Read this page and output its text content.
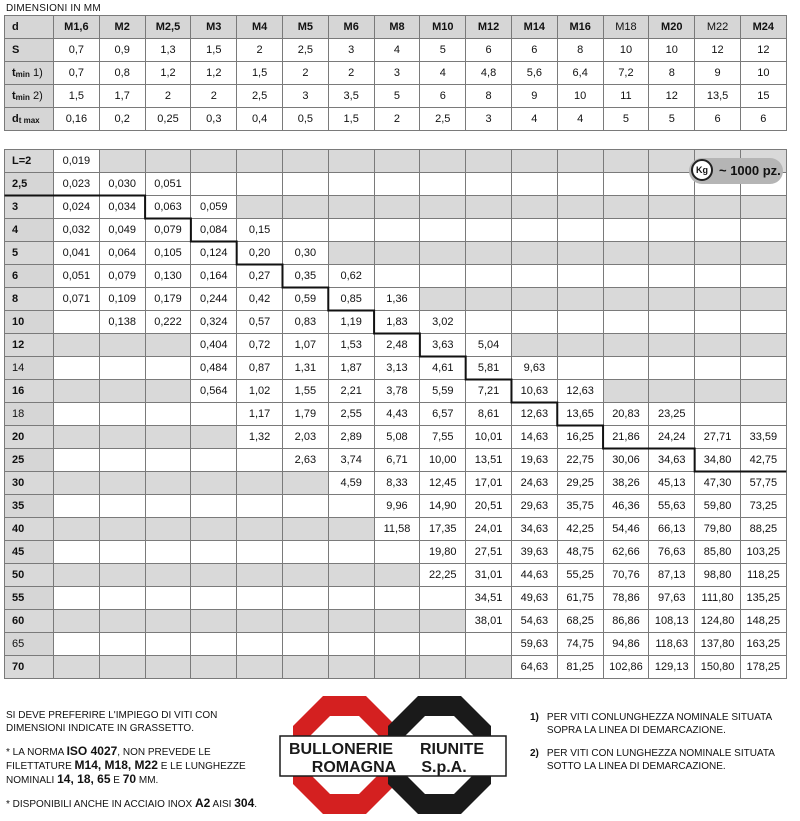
DIMENSIONI IN MM
d	M1,6	M2	M2,5	M3	M4	M5	M6	M8	M10	M12	M14	M16	M18	M20	M22	M24
S	0,7	0,9	1,3	1,5	2	2,5	3	4	5	6	6	8	10	10	12	12
$t_{min}$ 1)	0,7	0,8	1,2	1,2	1,5	2	2	3	4	4,8	5,6	6,4	7,2	8	9	10
$t_{min}$ 2)	1,5	1,7	2	2	2,5	3	3,5	5	6	8	9	10	11	12	13,5	15
$d_{t max}$	0,16	0,2	0,25	0,3	0,4	0,5	1,5	2	2,5	3	4	4	5	5	6	6
L=2	0,019															
2,5	0,023	0,030	0,051													
3	0,024	0,034	0,063	0,059												
4	0,032	0,049	0,079	0,084	0,15											
5	0,041	0,064	0,105	0,124	0,20	0,30										
6	0,051	0,079	0,130	0,164	0,27	0,35	0,62									
8	0,071	0,109	0,179	0,244	0,42	0,59	0,85	1,36								
10		0,138	0,222	0,324	0,57	0,83	1,19	1,83	3,02							
12				0,404	0,72	1,07	1,53	2,48	3,63	5,04						
14				0,484	0,87	1,31	1,87	3,13	4,61	5,81	9,63					
16				0,564	1,02	1,55	2,21	3,78	5,59	7,21	10,63	12,63				
18					1,17	1,79	2,55	4,43	6,57	8,61	12,63	13,65	20,83	23,25		
20					1,32	2,03	2,89	5,08	7,55	10,01	14,63	16,25	21,86	24,24	27,71	33,59
25						2,63	3,74	6,71	10,00	13,51	19,63	22,75	30,06	34,63	34,80	42,75
30							4,59	8,33	12,45	17,01	24,63	29,25	38,26	45,13	47,30	57,75
35								9,96	14,90	20,51	29,63	35,75	46,36	55,63	59,80	73,25
40								11,58	17,35	24,01	34,63	42,25	54,46	66,13	79,80	88,25
45									19,80	27,51	39,63	48,75	62,66	76,63	85,80	103,25
50									22,25	31,01	44,63	55,25	70,76	87,13	98,80	118,25
55										34,51	49,63	61,75	78,86	97,63	111,80	135,25
60										38,01	54,63	68,25	86,86	108,13	124,80	148,25
65											59,63	74,75	94,86	118,63	137,80	163,25
70											64,63	81,25	102,86	129,13	150,80	178,25
Kg ~ 1000 pz.

SI DEVE PREFERIRE L'IMPIEGO DI VITI CON DIMENSIONI INDICATE IN GRASSETTO.

* LA NORMA ISO 4027, NON PREVEDE LE FILETTATURE M14, M18, M22 E LE LUNGHEZZE NOMINALI 14, 18, 65 E 70 MM.

* DISPONIBILI ANCHE IN ACCIAIO INOX A2 AISI 304.

BULLONERIE RIUNITE
ROMAGNA S.p.A.

1) PER VITI CONLUNGHEZZA NOMINALE SITUATA SOPRA LA LINEA DI DEMARCAZIONE.

2) PER VITI CON LUNGHEZZA NOMINALE SITUATA SOTTO LA LINEA DI DEMARCAZIONE.
